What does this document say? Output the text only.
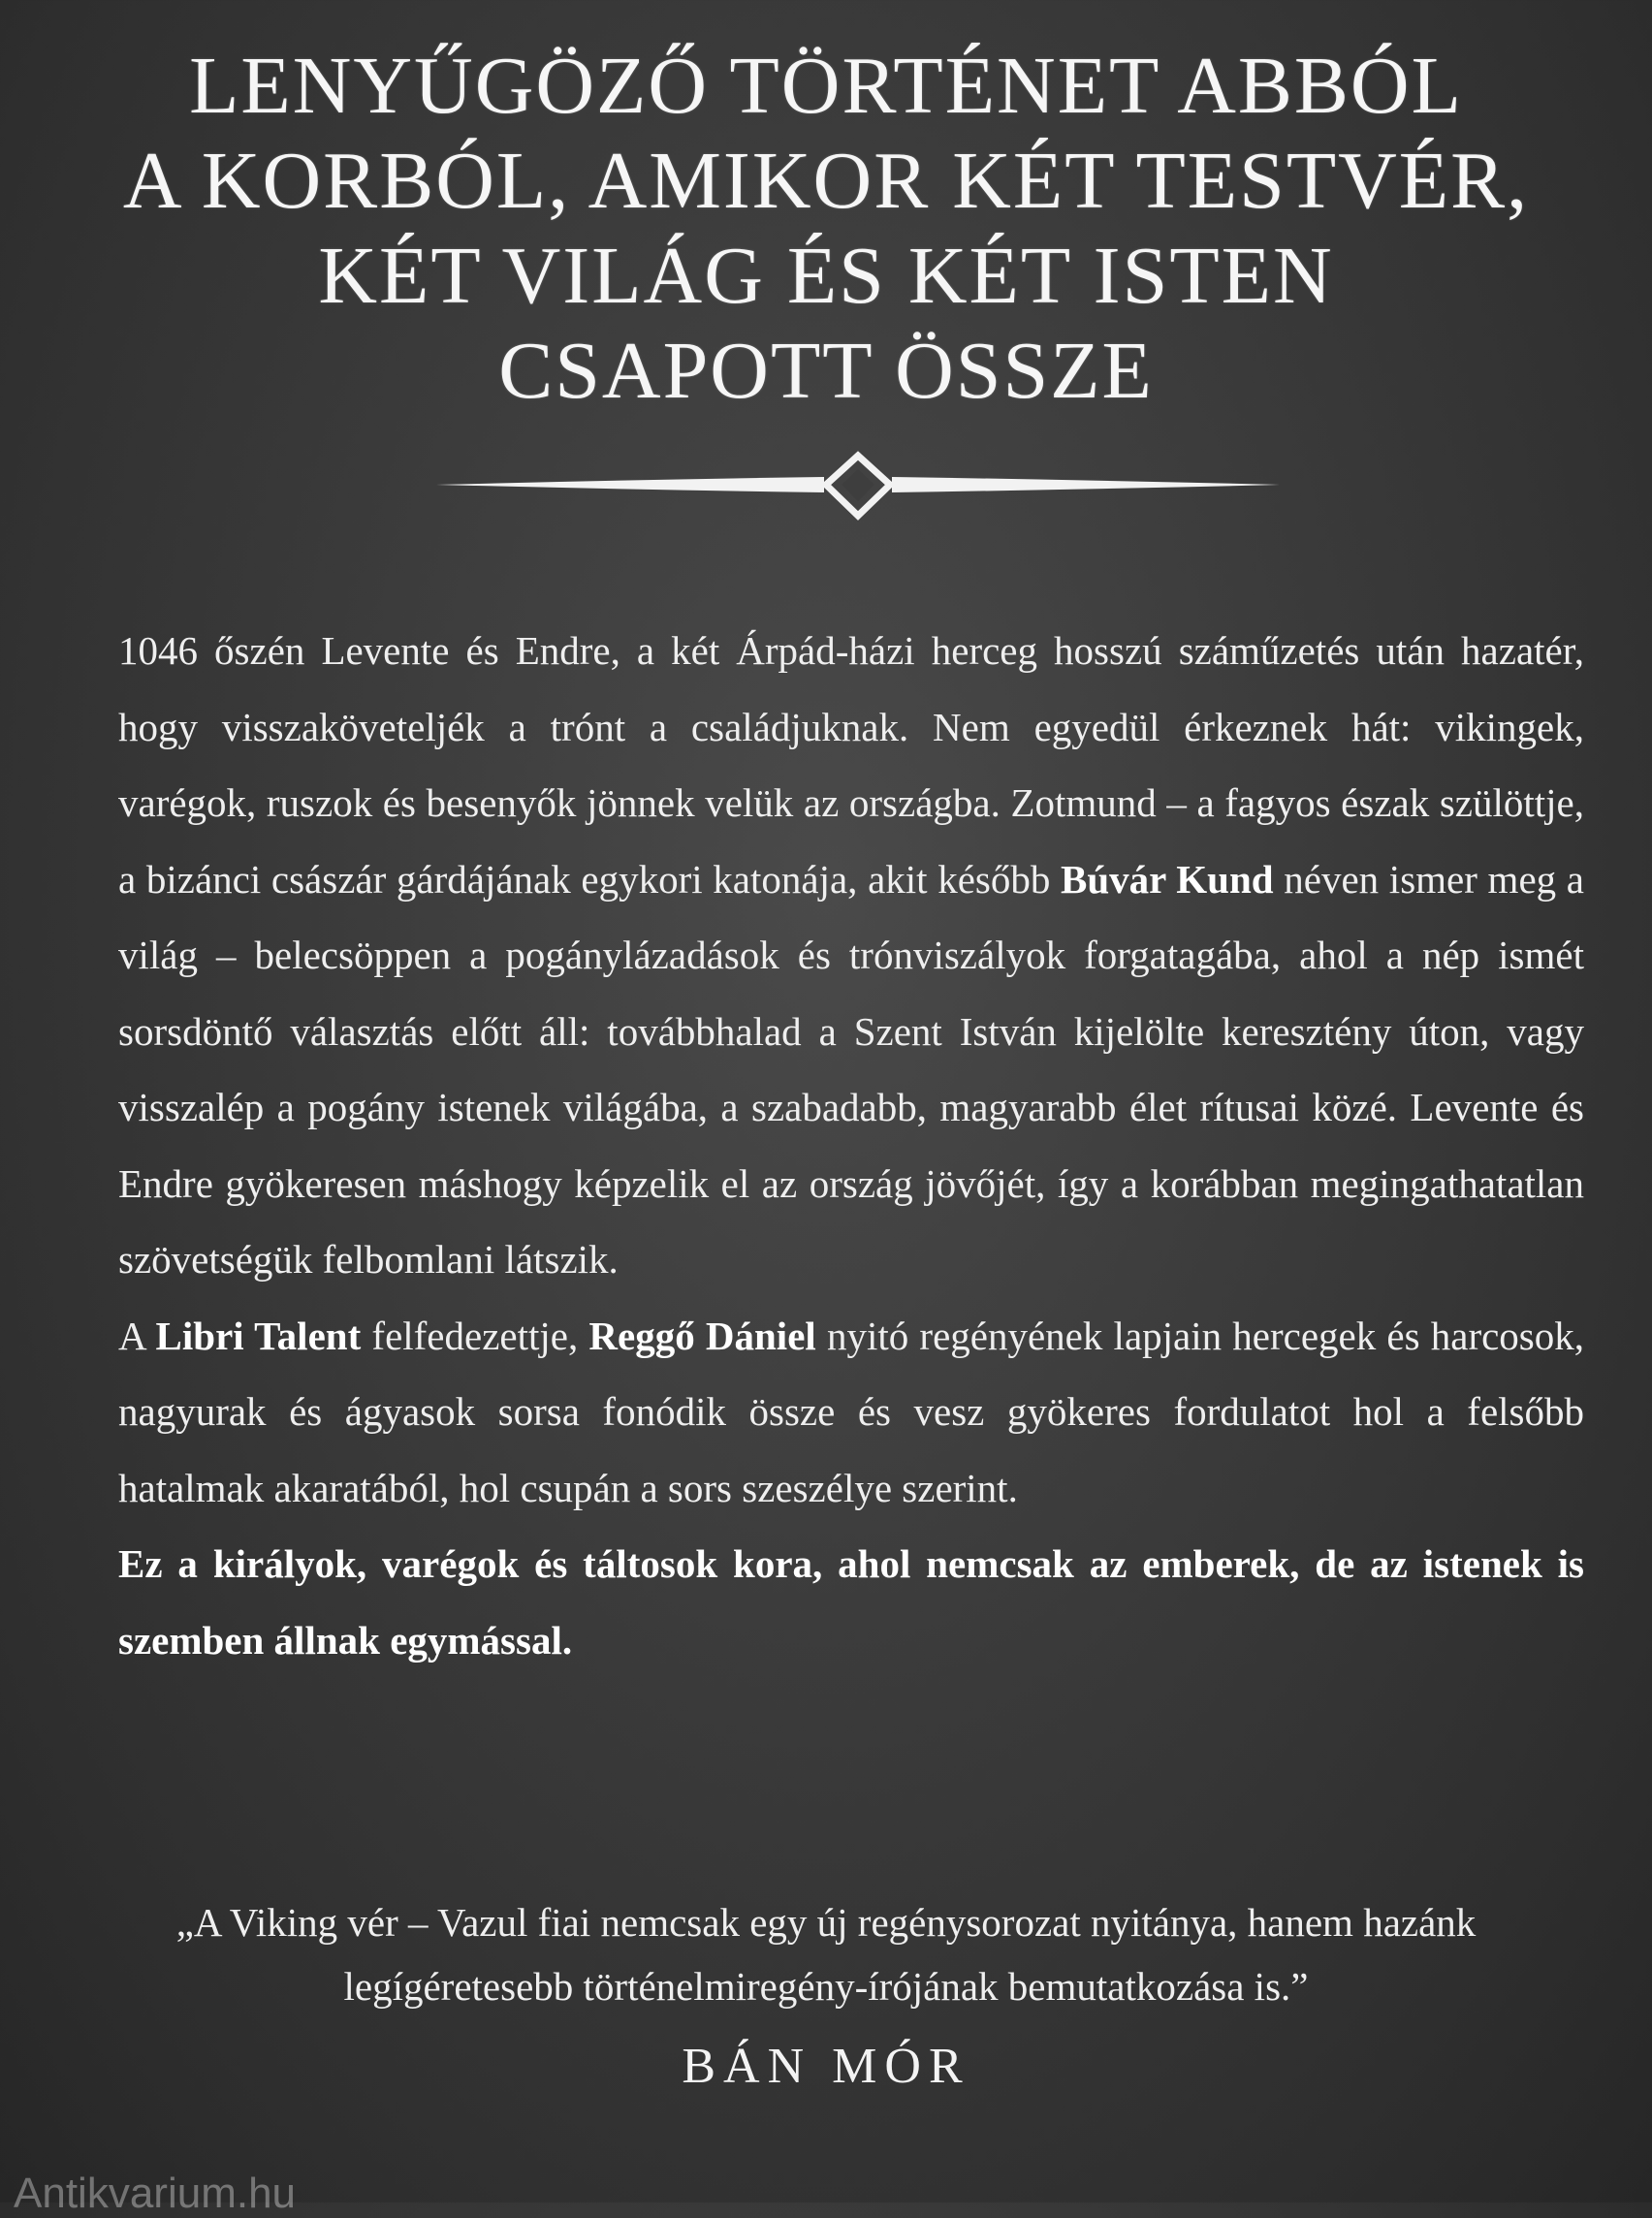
LENYŰGÖZŐ TÖRTÉNET ABBÓL
A KORBÓL, AMIKOR KÉT TESTVÉR,
KÉT VILÁG ÉS KÉT ISTEN
CSAPOTT ÖSSZE

1046 őszén Levente és Endre, a két Árpád-házi herceg hosszú száműzetés után hazatér, hogy visszaköveteljék a trónt a családjuknak. Nem egyedül érkeznek hát: vikingek, varégok, ruszok és besenyők jönnek velük az országba. Zotmund – a fagyos észak szülöttje, a bizánci császár gárdájának egykori katonája, akit később Búvár Kund néven ismer meg a világ – belecsöppen a pogánylázadások és trónviszályok forgatagába, ahol a nép ismét sorsdöntő választás előtt áll: továbbhalad a Szent István kijelölte keresztény úton, vagy visszalép a pogány istenek világába, a szabadabb, magyarabb élet rítusai közé. Levente és Endre gyökeresen máshogy képzelik el az ország jövőjét, így a korábban megingathatatlan szövetségük felbomlani látszik.

A Libri Talent felfedezettje, Reggő Dániel nyitó regényének lapjain hercegek és harcosok, nagyurak és ágyasok sorsa fonódik össze és vesz gyökeres fordulatot hol a felsőbb hatalmak akaratából, hol csupán a sors szeszélye szerint.

Ez a királyok, varégok és táltosok kora, ahol nemcsak az emberek, de az istenek is szemben állnak egymással.

„A Viking vér – Vazul fiai nemcsak egy új regénysorozat nyitánya, hanem hazánk legígéretesebb történelmiregény-írójának bemutatkozása is.”

BÁN MÓR

Antikvarium.hu
